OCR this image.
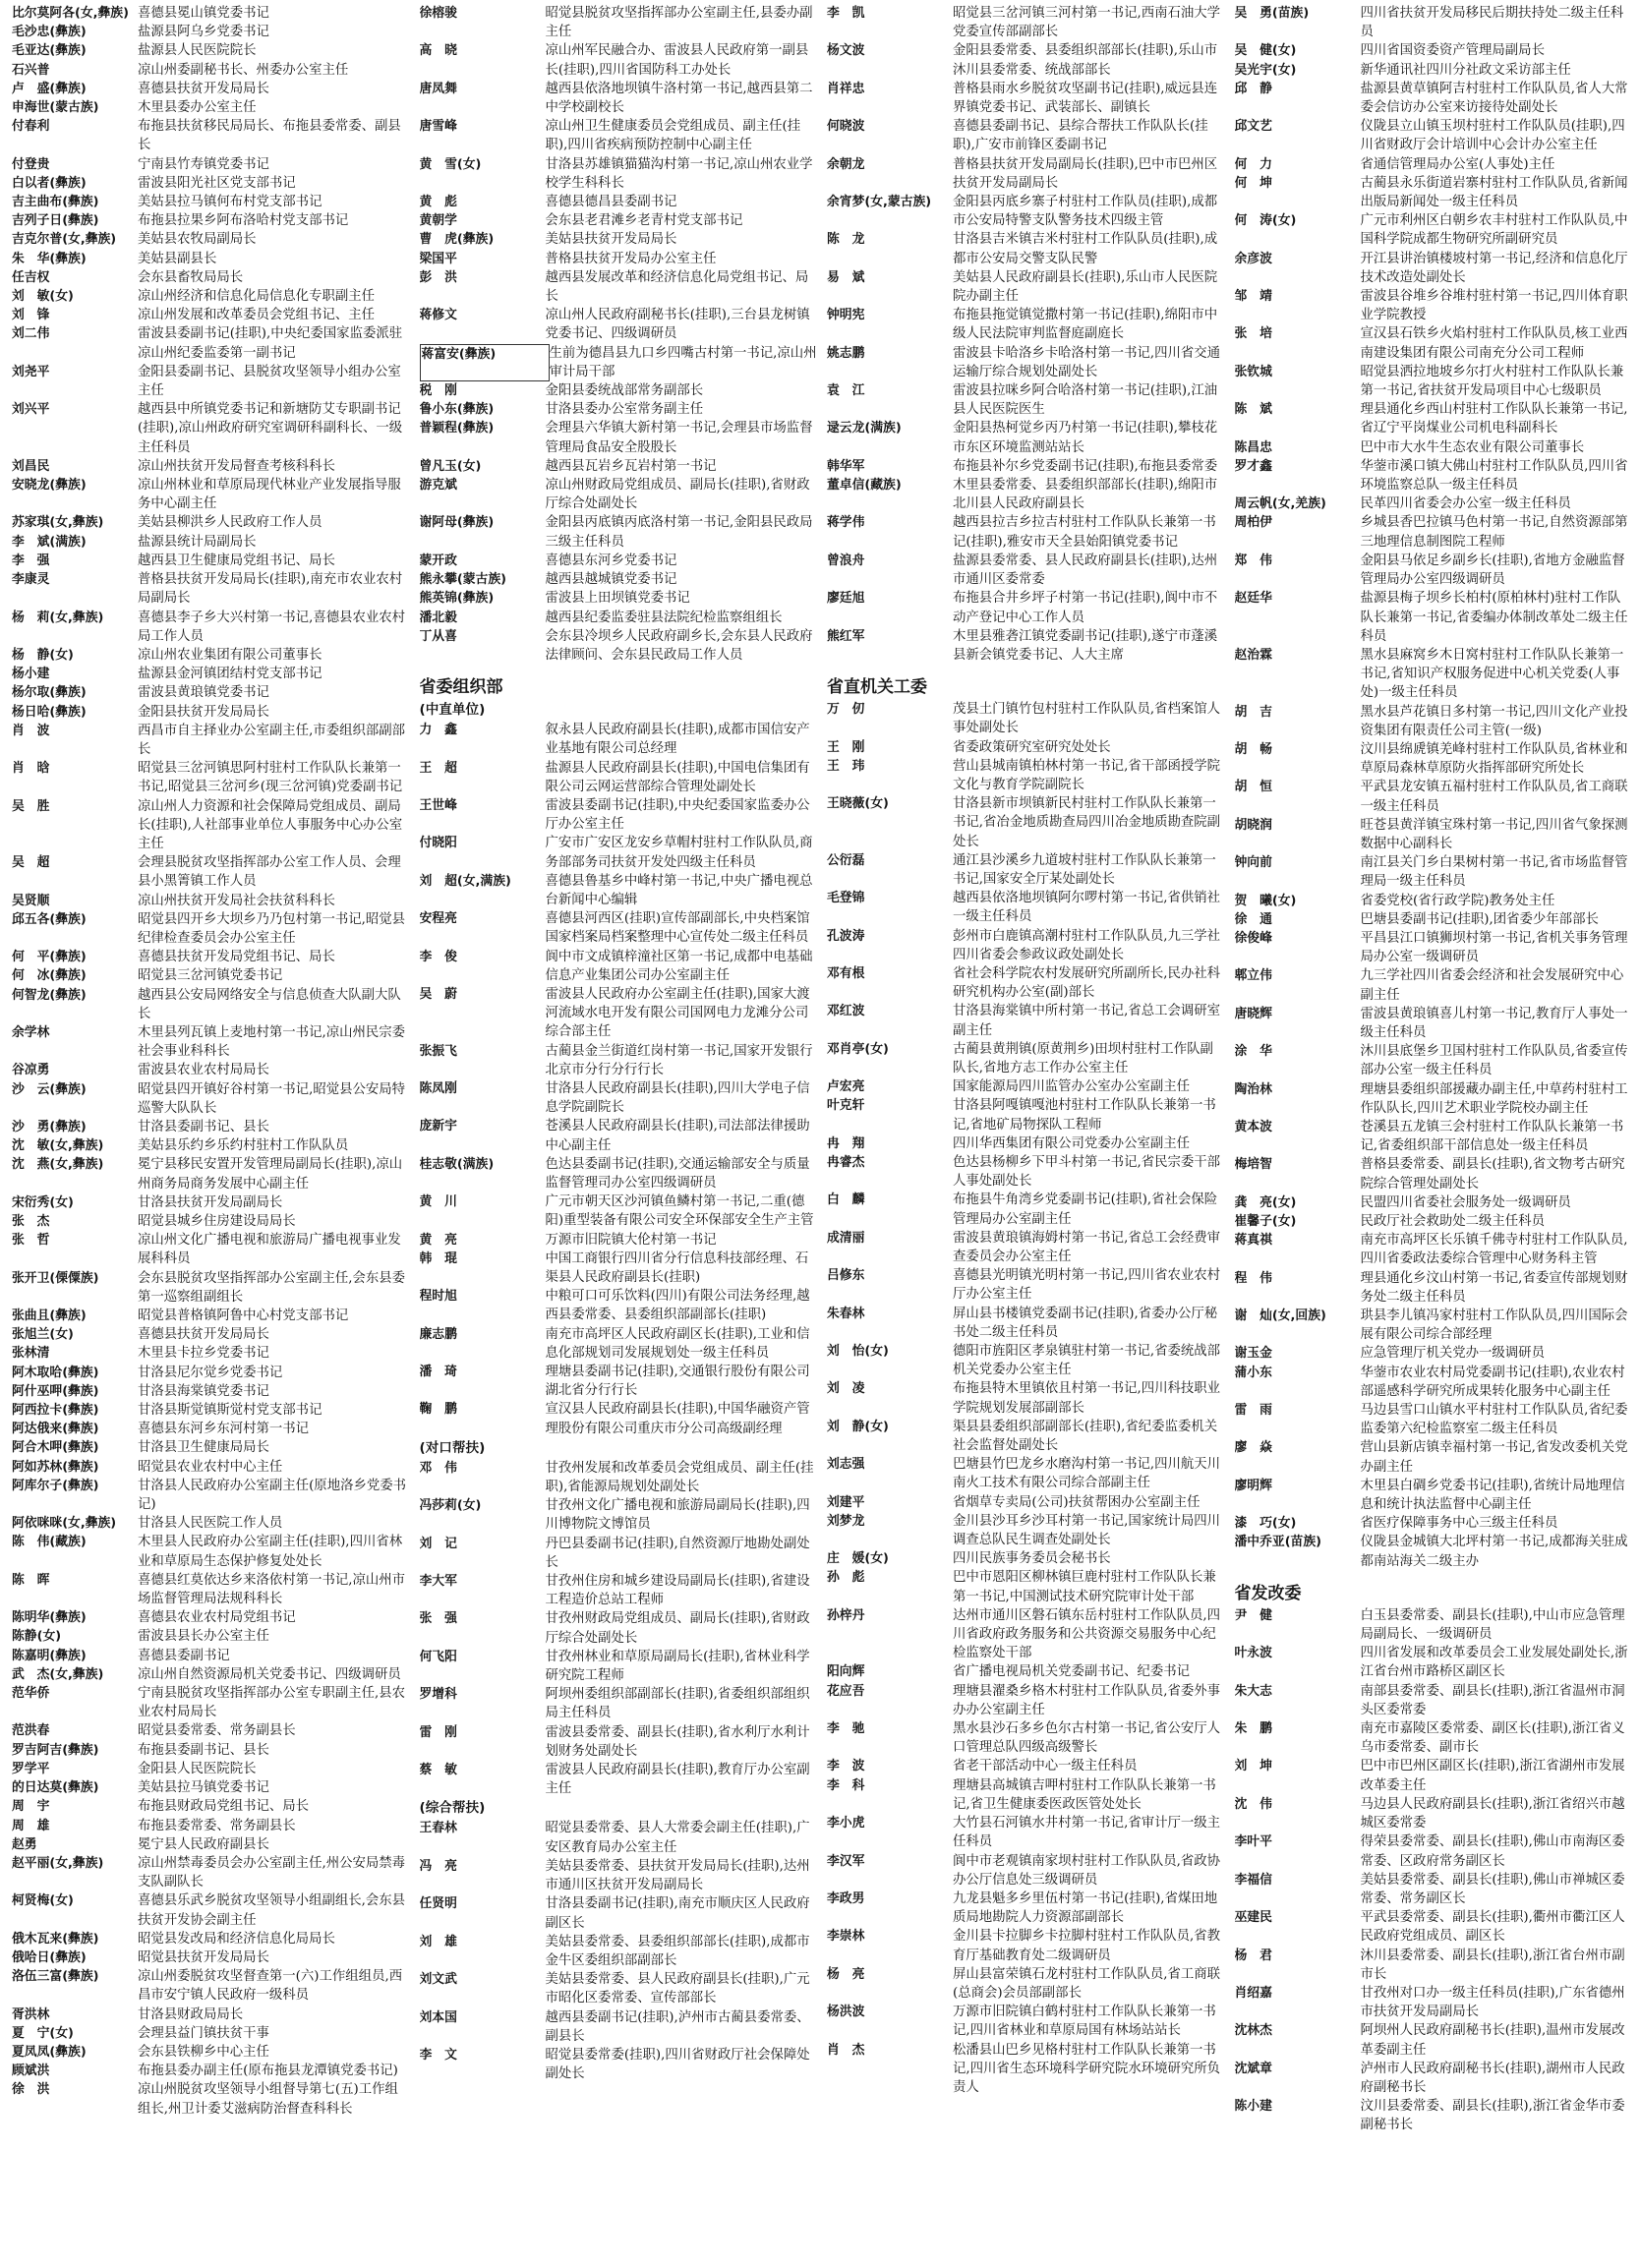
比尔莫阿各(女,彝族) 喜德县冕山镇党委书记
毛沙忠(彝族)	盐源县阿乌乡党委书记
毛亚达(彝族)	盐源县人民医院院长
石兴普	凉山州委副秘书长、州委办公室主任
卢　盛(彝族)	喜德县扶贫开发局局长
申海世(蒙古族)	木里县委办公室主任
付春利	布拖县扶贫移民局局长、布拖县委常委、副县长
付登贵	宁南县竹寿镇党委书记
白以者(彝族)	雷波县阳光社区党支部书记
吉主曲布(彝族)	美姑县拉马镇何布村党支部书记
吉列子日(彝族)	布拖县拉果乡阿布洛哈村党支部书记
吉克尔普(女,彝族)	美姑县农牧局副局长
朱　华(彝族)	美姑县副县长
任吉权	会东县畜牧局局长
刘　敏(女)	凉山州经济和信息化局信息化专职副主任
刘　锋	凉山州发展和改革委员会党组书记、主任
刘二伟	雷波县委副书记(挂职),中央纪委国家监委派驻凉山州纪委监委第一副书记
刘尧平	金阳县委副书记、县脱贫攻坚领导小组办公室主任
刘兴平	越西县中所镇党委书记和新塘防艾专职副书记(挂职),凉山州政府研究室调研科副科长、一级主任科员
刘昌民	凉山州扶贫开发局督查考核科科长
安晓龙(彝族)	凉山州林业和草原局现代林业产业发展指导服务中心副主任
苏家琪(女,彝族)	美姑县柳洪乡人民政府工作人员
李　斌(满族)	盐源县统计局副局长
李　强	越西县卫生健康局党组书记、局长
李康灵	普格县扶贫开发局局长(挂职),南充市农业农村局副局长
杨　莉(女,彝族)	喜德县李子乡大兴村第一书记,喜德县农业农村局工作人员
杨　静(女)	凉山州农业集团有限公司董事长
杨小建	盐源县金河镇团结村党支部书记
杨尔取(彝族)	雷波县黄琅镇党委书记
杨日哈(彝族)	金阳县扶贫开发局局长
肖　波	西昌市自主择业办公室副主任,市委组织部副部长
肖　晗	昭觉县三岔河镇思阿村驻村工作队队长兼第一书记,昭觉县三岔河乡(现三岔河镇)党委副书记
吴　胜	凉山州人力资源和社会保障局党组成员、副局长(挂职),人社部事业单位人事服务中心办公室主任
吴　超	会理县脱贫攻坚指挥部办公室工作人员、会理县小黑箐镇工作人员
吴贤顺	凉山州扶贫开发局社会扶贫科科长
邱五各(彝族)	昭觉县四开乡大坝乡乃乃包村第一书记,昭觉县纪律检查委员会办公室主任
何　平(彝族)	喜德县扶贫开发局党组书记、局长
何　冰(彝族)	昭觉县三岔河镇党委书记
何智龙(彝族)	越西县公安局网络安全与信息侦查大队副大队长
余学林	木里县列瓦镇上麦地村第一书记,凉山州民宗委社会事业科科长
谷凉勇	雷波县农业农村局局长
沙　云(彝族)	昭觉县四开镇好谷村第一书记,昭觉县公安局特巡警大队队长
沙　勇(彝族)	甘洛县委副书记、县长
沈　敏(女,彝族)	美姑县乐约乡乐约村驻村工作队队员
沈　燕(女,彝族)	冕宁县移民安置开发管理局副局长(挂职),凉山州商务局商务发展中心副主任
宋衍秀(女)	甘洛县扶贫开发局副局长
张　杰	昭觉县城乡住房建设局局长
张　哲	凉山州文化广播电视和旅游局广播电视事业发展科科员
张开卫(傈僳族)	会东县脱贫攻坚指挥部办公室副主任,会东县委第一巡察组副组长
张曲且(彝族)	昭觉县普格镇阿鲁中心村党支部书记
张旭兰(女)	喜德县扶贫开发局局长
张林清	木里县卡拉乡党委书记
阿木取哈(彝族)	甘洛县尼尔觉乡党委书记
阿什巫呷(彝族)	甘洛县海棠镇党委书记
阿西拉卡(彝族)	甘洛县斯觉镇斯觉村党支部书记
阿达俄来(彝族)	喜德县东河乡东河村第一书记
阿合木呷(彝族)	甘洛县卫生健康局局长
阿如苏林(彝族)	昭觉县农业农村中心主任
阿库尔子(彝族)	甘洛县人民政府办公室副主任(原地洛乡党委书记)
阿依咪咪(女,彝族)	甘洛县人民医院工作人员
陈　伟(藏族)	木里县人民政府办公室副主任(挂职),四川省林业和草原局生态保护修复处处长
陈　晖	喜德县红莫依达乡来洛依村第一书记,凉山州市场监督管理局法规科科长
陈明华(彝族)	喜德县农业农村局党组书记
陈静(女)	雷波县县长办公室主任
陈嘉明(彝族)	喜德县委副书记
武　杰(女,彝族)	凉山州自然资源局机关党委书记、四级调研员
范华侨	宁南县脱贫攻坚指挥部办公室专职副主任,县农业农村局局长
范洪春	昭觉县委常委、常务副县长
罗吉阿吉(彝族)	布拖县委副书记、县长
罗学平	金阳县人民医院院长
的日达莫(彝族)	美姑县拉马镇党委书记
周　宇	布拖县财政局党组书记、局长
周　雄	布拖县委常委、常务副县长
赵勇	冕宁县人民政府副县长
赵平丽(女,彝族)	凉山州禁毒委员会办公室副主任,州公安局禁毒支队副队长
柯贤梅(女)	喜德县乐武乡脱贫攻坚领导小组副组长,会东县扶贫开发协会副主任
俄木瓦来(彝族)	昭觉县发改局和经济信息化局局长
俄哈日(彝族)	昭觉县扶贫开发局局长
洛伍三富(彝族)	凉山州委脱贫攻坚督查第一(六)工作组组员,西昌市安宁镇人民政府一级科员
胥洪林	甘洛县财政局局长
夏　宁(女)	会理县益门镇扶贫干事
夏凤凤(彝族)	会东县铁柳乡中心主任
顾斌洪	布拖县委办副主任(原布拖县龙潭镇党委书记)
徐　洪	凉山州脱贫攻坚领导小组督导第七(五)工作组组长,州卫计委艾滋病防治督查科科长
徐榕骏	昭觉县脱贫攻坚指挥部办公室副主任,县委办副主任
高　晓	凉山州军民融合办、雷波县人民政府第一副县长(挂职),四川省国防科工办处长
唐凤舞	越西县依洛地坝镇牛洛村第一书记,越西县第二中学校副校长
唐雪峰	凉山州卫生健康委员会党组成员、副主任(挂职),四川省疾病预防控制中心副主任
黄　雪(女)	甘洛县苏雄镇猫猫沟村第一书记,凉山州农业学校学生科科长
黄　彪	喜德县德昌县委副书记
黄朝学	会东县老君滩乡老青村党支部书记
曹　虎(彝族)	美姑县扶贫开发局局长
梁国平	普格县扶贫开发局办公室主任
彭　洪	越西县发展改革和经济信息化局党组书记、局长
蒋修文	凉山州人民政府副秘书长(挂职),三台县龙树镇党委书记、四级调研员
蒋富安(彝族)	生前为德昌县九口乡四嘴古村第一书记,凉山州审计局干部
税　刚	金阳县委统战部常务副部长
鲁小东(彝族)	甘洛县委办公室常务副主任
普颖程(彝族)	会理县六华镇大新村第一书记,会理县市场监督管理局食品安全股股长
曾凡玉(女)	越西县瓦岩乡瓦岩村第一书记
游克斌	凉山州财政局党组成员、副局长(挂职),省财政厅综合处副处长
谢阿母(彝族)	金阳县丙底镇丙底洛村第一书记,金阳县民政局三级主任科员
蒙开政	喜德县东河乡党委书记
熊永攀(蒙古族)	越西县越城镇党委书记
熊英锦(彝族)	雷波县上田坝镇党委书记
潘北毅	越西县纪委监委驻县法院纪检监察组组长
丁从喜	会东县冷坝乡人民政府副乡长,会东县人民政府法律顾问、会东县民政局工作人员
省委组织部
(中直单位)
力　鑫	叙永县人民政府副县长(挂职),成都市国信安产业基地有限公司总经理
王　超	盐源县人民政府副县长(挂职),中国电信集团有限公司云网运营部综合管理处副处长
王世峰	雷波县委副书记(挂职),中央纪委国家监委办公厅办公室主任
付晓阳	广安市广安区龙安乡草帽村驻村工作队队员,商务部部务司扶贫开发处四级主任科员
刘　超(女,满族)	喜德县鲁基乡中峰村第一书记,中央广播电视总台新闻中心编辑
安程亮	喜德县河西区(挂职)宣传部副部长,中央档案馆国家档案局档案整理中心宣传处二级主任科员
李　俊	阆中市文成镇梓潼社区第一书记,成都中电基础信息产业集团公司办公室副主任
吴　蔚	雷波县人民政府办公室副主任(挂职),国家大渡河流域水电开发有限公司国网电力龙滩分公司综合部主任
张振飞	古蔺县金兰街道红岗村第一书记,国家开发银行北京市分行分行行长
陈凤刚	甘洛县人民政府副县长(挂职),四川大学电子信息学院副院长
庞新宇	苍溪县人民政府副县长(挂职),司法部法律援助中心副主任
桂志敬(满族)	色达县委副书记(挂职),交通运输部安全与质量监督管理司办公室四级调研员
黄　川	广元市朝天区沙河镇鱼鳞村第一书记,二重(德阳)重型装备有限公司安全环保部安全生产主管
黄　亮	万源市旧院镇大伦村第一书记
韩　琨	中国工商银行四川省分行信息科技部经理、石渠县人民政府副县长(挂职)
程时旭	中粮可口可乐饮料(四川)有限公司法务经理,越西县委常委、县委组织部副部长(挂职)
廉志鹏	南充市高坪区人民政府副区长(挂职),工业和信息化部规划司发展规划处一级主任科员
潘　琦	理塘县委副书记(挂职),交通银行股份有限公司湖北省分行行长
鞠　鹏	宣汉县人民政府副县长(挂职),中国华融资产管理股份有限公司重庆市分公司高级副经理
(对口帮扶)
邓　伟	甘孜州发展和改革委员会党组成员、副主任(挂职),省能源局规划处副处长
冯莎莉(女)	甘孜州文化广播电视和旅游局副局长(挂职),四川博物院文博馆员
刘　记	丹巴县委副书记(挂职),自然资源厅地勘处副处长
李大军	甘孜州住房和城乡建设局副局长(挂职),省建设工程造价总站工程师
张　强	甘孜州财政局党组成员、副局长(挂职),省财政厅综合处副处长
何飞阳	甘孜州林业和草原局副局长(挂职),省林业科学研究院工程师
罗增科	阿坝州委组织部副部长(挂职),省委组织部组织局主任科员
雷　刚	雷波县委常委、副县长(挂职),省水利厅水利计划财务处副处长
蔡　敏	雷波县人民政府副县长(挂职),教育厅办公室副主任
(综合帮扶)
王春林	昭觉县委常委、县人大常委会副主任(挂职),广安区教育局办公室主任
冯　亮	美姑县委常委、县扶贫开发局局长(挂职),达州市通川区扶贫开发局副局长
任贤明	甘洛县委副书记(挂职),南充市顺庆区人民政府副区长
刘　雄	美姑县委常委、县委组织部部长(挂职),成都市金牛区委组织部副部长
刘文武	美姑县委常委、县人民政府副县长(挂职),广元市昭化区委常委、宣传部部长
刘本国	越西县委副书记(挂职),泸州市古蔺县委常委、副县长
李　文	昭觉县委常委(挂职),四川省财政厅社会保障处副处长
李　凯	昭觉县三岔河镇三河村第一书记,西南石油大学党委宣传部副部长
杨文波	金阳县委常委、县委组织部部长(挂职),乐山市沐川县委常委、统战部部长
肖祥忠	普格县雨水乡脱贫攻坚副书记(挂职),威远县连界镇党委书记、武装部长、副镇长
何晓波	喜德县委副书记、县综合帮扶工作队队长(挂职),广安市前锋区委副书记
余朝龙	普格县扶贫开发局副局长(挂职),巴中市巴州区扶贫开发局副局长
余宵梦(女,蒙古族)	金阳县丙底乡寨子村驻村工作队员(挂职),成都市公安局特警支队警务技术四级主管
陈　龙	甘洛县吉米镇吉米村驻村工作队队员(挂职),成都市公安局交警支队民警
易　斌	美姑县人民政府副县长(挂职),乐山市人民医院院办副主任
钟明宪	布拖县拖觉镇觉撒村第一书记(挂职),绵阳市中级人民法院审判监督庭副庭长
姚志鹏	雷波县卡哈洛乡卡哈洛村第一书记,四川省交通运输厅综合规划处副处长
袁　江	雷波县拉咪乡阿合哈洛村第一书记(挂职),江油县人民医院医生
逯云龙(满族)	金阳县热柯觉乡丙乃村第一书记(挂职),攀枝花市东区环境监测站站长
韩华军	布拖县补尔乡党委副书记(挂职),布拖县委常委
董卓信(藏族)	木里县委常委、县委组织部部长(挂职),绵阳市北川县人民政府副县长
蒋学伟	越西县拉吉乡拉吉村驻村工作队队长兼第一书记(挂职),雅安市天全县始阳镇党委书记
曾浪舟	盐源县委常委、县人民政府副县长(挂职),达州市通川区委常委
廖廷旭	布拖县合井乡坪子村第一书记(挂职),阆中市不动产登记中心工作人员
熊红军	木里县雅砻江镇党委副书记(挂职),遂宁市蓬溪县新会镇党委书记、人大主席
省直机关工委
万　仞	茂县土门镇竹包村驻村工作队队员,省档案馆人事处副处长
王　刚	省委政策研究室研究处处长
王　玮	营山县城南镇柏林村第一书记,省干部函授学院文化与教育学院副院长
王晓薇(女)	甘洛县新市坝镇新民村驻村工作队队长兼第一书记,省冶金地质勘查局四川冶金地质勘查院副处长
公衍磊	通江县沙溪乡九道坡村驻村工作队队长兼第一书记,国家安全厅某处副处长
毛登锦	越西县依洛地坝镇阿尔啰村第一书记,省供销社一级主任科员
孔波涛	彭州市白鹿镇高潮村驻村工作队队员,九三学社四川省委会参政议政处副处长
邓有根	省社会科学院农村发展研究所副所长,民办社科研究机构办公室(副)部长
邓红波	甘洛县海棠镇中所村第一书记,省总工会调研室副主任
邓肖亭(女)	古蔺县黄荆镇(原黄荆乡)田坝村驻村工作队副队长,省地方志工作办公室主任
卢宏亮	国家能源局四川监管办公室办公室副主任
叶克轩	甘洛县阿嘎镇嘎池村驻村工作队队长兼第一书记,省地矿局物探队工程师
冉　翔	四川华西集团有限公司党委办公室副主任
冉睿杰	色达县杨柳乡下甲斗村第一书记,省民宗委干部人事处副处长
白　麟	布拖县牛角湾乡党委副书记(挂职),省社会保险管理局办公室副主任
成清丽	雷波县黄琅镇海姆村第一书记,省总工会经费审查委员会办公室主任
吕修东	喜德县光明镇光明村第一书记,四川省农业农村厅办公室主任
朱春林	屏山县书楼镇党委副书记(挂职),省委办公厅秘书处二级主任科员
刘　怡(女)	德阳市旌阳区孝泉镇驻村第一书记,省委统战部机关党委办公室主任
刘　凌	布拖县特木里镇依且村第一书记,四川科技职业学院规划发展部副部长
刘　静(女)	渠县县委组织部副部长(挂职),省纪委监委机关社会监督处副处长
刘志强	巴塘县竹巴龙乡水磨沟村第一书记,四川航天川南火工技术有限公司综合部副主任
刘建平	省烟草专卖局(公司)扶贫帮困办公室副主任
刘梦龙	金川县沙耳乡沙耳村第一书记,国家统计局四川调查总队民生调查处副处长
庄　媛(女)	四川民族事务委员会秘书长
孙　彪	巴中市恩阳区柳林镇巨鹿村驻村工作队队长兼第一书记,中国测试技术研究院审计处干部
孙梓丹	达州市通川区磐石镇东岳村驻村工作队队员,四川省政府政务服务和公共资源交易服务中心纪检监察处干部
阳向辉	省广播电视局机关党委副书记、纪委书记
花应吾	理塘县濯桑乡格木村驻村工作队队员,省委外事办办公室副主任
李　驰	黑水县沙石多乡色尔古村第一书记,省公安厅人口管理总队四级高级警长
李　波	省老干部活动中心一级主任科员
李　科	理塘县高城镇吉呷村驻村工作队队长兼第一书记,省卫生健康委医政医管处处长
李小虎	大竹县石河镇水井村第一书记,省审计厅一级主任科员
李汉军	阆中市老观镇南家坝村驻村工作队队员,省政协办公厅信息处三级调研员
李政男	九龙县魁多乡里伍村第一书记(挂职),省煤田地质局地勘院人力资源部副部长
李崇林	金川县卡拉脚乡卡拉脚村驻村工作队队员,省教育厅基础教育处二级调研员
杨　亮	屏山县富荣镇石龙村驻村工作队队员,省工商联(总商会)会员部副部长
杨洪波	万源市旧院镇白鹤村驻村工作队队长兼第一书记,四川省林业和草原局国有林场站站长
肖　杰	松潘县山巴乡见格村驻村工作队队长兼第一书记,四川省生态环境科学研究院水环境研究所负责人
吴　勇(苗族)	四川省扶贫开发局移民后期扶持处二级主任科员
吴　健(女)	四川省国资委资产管理局副局长
吴光宇(女)	新华通讯社四川分社政文采访部主任
邱　静	盐源县黄草镇阿吉村驻村工作队队员,省人大常委会信访办公室来访接待处副处长
邱文艺	仪陇县立山镇玉坝村驻村工作队队员(挂职),四川省财政厅会计培训中心会计办公室主任
何　力	省通信管理局办公室(人事处)主任
何　坤	古蔺县永乐街道岩寨村驻村工作队队员,省新闻出版局新闻处一级主任科员
何　涛(女)	广元市利州区白朝乡农丰村驻村工作队队员,中国科学院成都生物研究所副研究员
余彦波	开江县讲治镇楼坡村第一书记,经济和信息化厅技术改造处副处长
邹　靖	雷波县谷堆乡谷堆村驻村第一书记,四川体育职业学院教授
张　培	宣汉县石铁乡火焰村驻村工作队队员,核工业西南建设集团有限公司南充分公司工程师
张钦城	昭觉县洒拉地坡乡尔打火村驻村工作队队长兼第一书记,省扶贫开发局项目中心七级职员
陈　斌	理县通化乡西山村驻村工作队队长兼第一书记,省辽宁平岗煤业公司机电科副科长
陈昌忠	巴中市大水牛生态农业有限公司董事长
罗才鑫	华蓥市溪口镇大佛山村驻村工作队队员,四川省环境监察总队一级主任科员
周云帆(女,羌族)	民革四川省委会办公室一级主任科员
周柏伊	乡城县香巴拉镇马色村第一书记,自然资源部第三地理信息制图院工程师
郑　伟	金阳县马依足乡副乡长(挂职),省地方金融监督管理局办公室四级调研员
赵廷华	盐源县梅子坝乡长柏村(原柏林村)驻村工作队队长兼第一书记,省委编办体制改革处二级主任科员
赵治霖	黑水县麻窝乡木日窝村驻村工作队队长兼第一书记,省知识产权服务促进中心机关党委(人事处)一级主任科员
胡　吉	黑水县芦花镇日多村第一书记,四川文化产业投资集团有限责任公司主管(一级)
胡　畅	汶川县绵虒镇羌峰村驻村工作队队员,省林业和草原局森林草原防火指挥部研究所处长
胡　恒	平武县龙安镇五福村驻村工作队队员,省工商联一级主任科员
胡晓润	旺苍县黄洋镇宝珠村第一书记,四川省气象探测数据中心副科长
钟向前	南江县关门乡白果树村第一书记,省市场监督管理局一级主任科员
贺　曦(女)	省委党校(省行政学院)教务处主任
徐　通	巴塘县委副书记(挂职),团省委少年部部长
徐俊峰	平昌县江口镇狮坝村第一书记,省机关事务管理局办公室一级调研员
郫立伟	九三学社四川省委会经济和社会发展研究中心副主任
唐晓辉	雷波县黄琅镇喜儿村第一书记,教育厅人事处一级主任科员
涂　华	沐川县底堡乡卫国村驻村工作队队员,省委宣传部办公室一级主任科员
陶治林	理塘县委组织部援藏办副主任,中草药村驻村工作队队长,四川艺术职业学院校办副主任
黄本波	苍溪县五龙镇三会村驻村工作队队长兼第一书记,省委组织部干部信息处一级主任科员
梅培智	普格县委常委、副县长(挂职),省文物考古研究院综合管理处副处长
龚　亮(女)	民盟四川省委社会服务处一级调研员
崔馨子(女)	民政厅社会救助处二级主任科员
蒋真祺	南充市高坪区长乐镇千佛寺村驻村工作队队员,四川省委政法委综合管理中心财务科主管
程　伟	理县通化乡汶山村第一书记,省委宣传部规划财务处二级主任科员
谢　灿(女,回族)	珙县李儿镇冯家村驻村工作队队员,四川国际会展有限公司综合部经理
谢玉金	应急管理厅机关党办一级调研员
蒲小东	华蓥市农业农村局党委副书记(挂职),农业农村部遥感科学研究所成果转化服务中心副主任
雷　雨	马边县雪口山镇水平村驻村工作队队员,省纪委监委第六纪检监察室二级主任科员
廖　焱	营山县新店镇幸福村第一书记,省发改委机关党办副主任
廖明辉	木里县白碉乡党委书记(挂职),省统计局地理信息和统计执法监督中心副主任
漆　巧(女)	省医疗保障事务中心三级主任科员
潘中乔亚(苗族)	仪陇县金城镇大北坪村第一书记,成都海关驻成都南站海关二级主办
省发改委
尹　健	白玉县委常委、副县长(挂职),中山市应急管理局副局长、一级调研员
叶永波	四川省发展和改革委员会工业发展处副处长,浙江省台州市路桥区副区长
朱大志	南部县委常委、副县长(挂职),浙江省温州市洞头区委常委
朱　鹏	南充市嘉陵区委常委、副区长(挂职),浙江省义乌市委常委、副市长
刘　坤	巴中市巴州区副区长(挂职),浙江省湖州市发展改革委主任
沈　伟	马边县人民政府副县长(挂职),浙江省绍兴市越城区委常委
李叶平	得荣县委常委、副县长(挂职),佛山市南海区委常委、区政府常务副区长
李福信	美姑县委常委、副县长(挂职),佛山市禅城区委常委、常务副区长
巫建民	平武县委常委、副县长(挂职),衢州市衢江区人民政府党组成员、副区长
杨　君	沐川县委常委、副县长(挂职),浙江省台州市副市长
肖绍嘉	甘孜州对口办一级主任科员(挂职),广东省德州市扶贫开发局副局长
沈林杰	阿坝州人民政府副秘书长(挂职),温州市发展改革委副主任
沈斌章	泸州市人民政府副秘书长(挂职),湖州市人民政府副秘书长
陈小建	汶川县委常委、副县长(挂职),浙江省金华市委副秘书长
